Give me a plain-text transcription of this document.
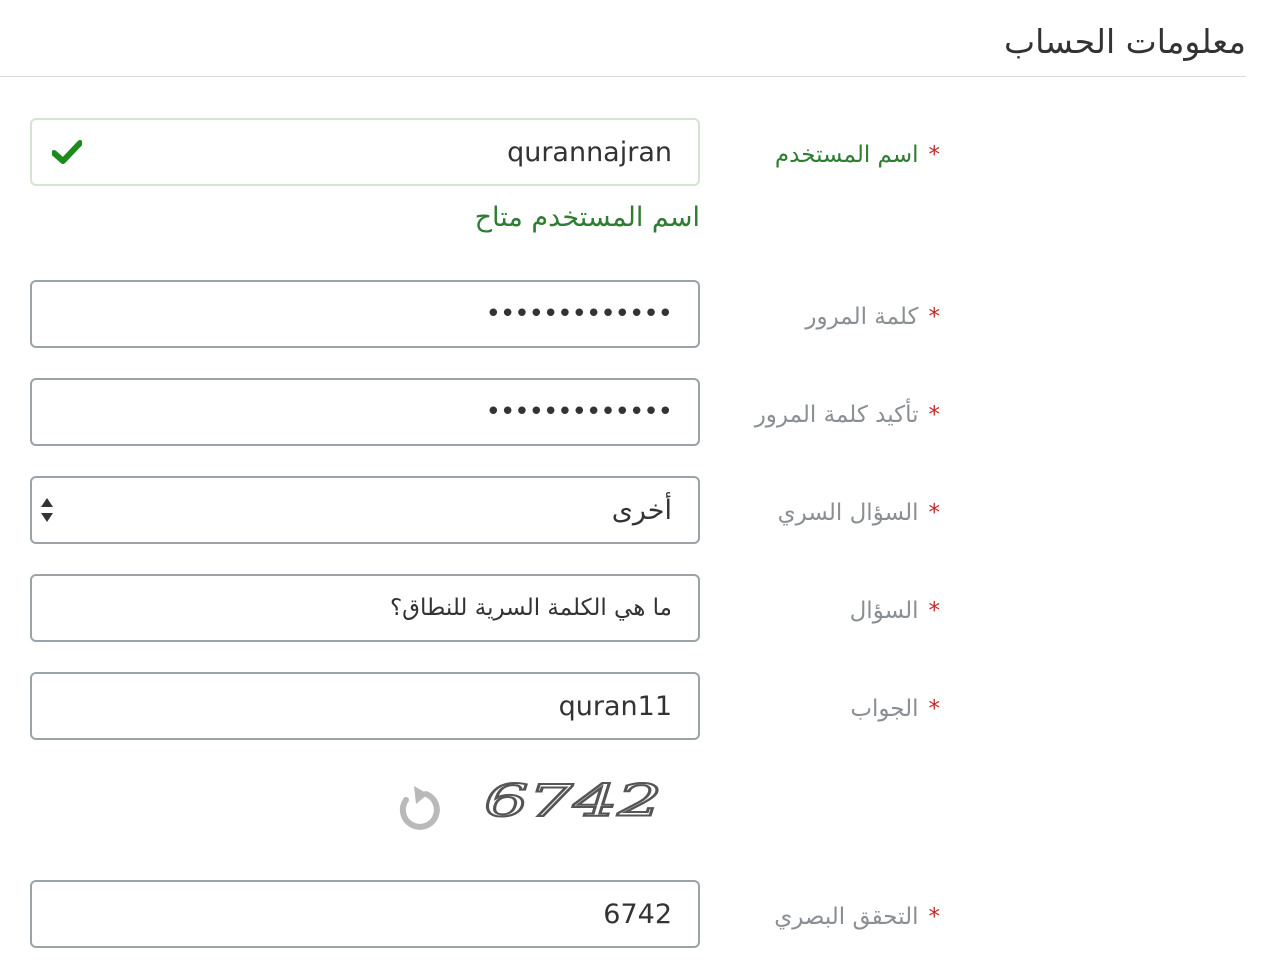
معلومات الحساب
*اسم المستخدم
qurannajran
اسم المستخدم متاح
*كلمة المرور
•••••••••••••
*تأكيد كلمة المرور
•••••••••••••
*السؤال السري
أخرى
*السؤال
ما هي الكلمة السرية للنطاق؟
*الجواب
quran11
6742
*التحقق البصري
6742
